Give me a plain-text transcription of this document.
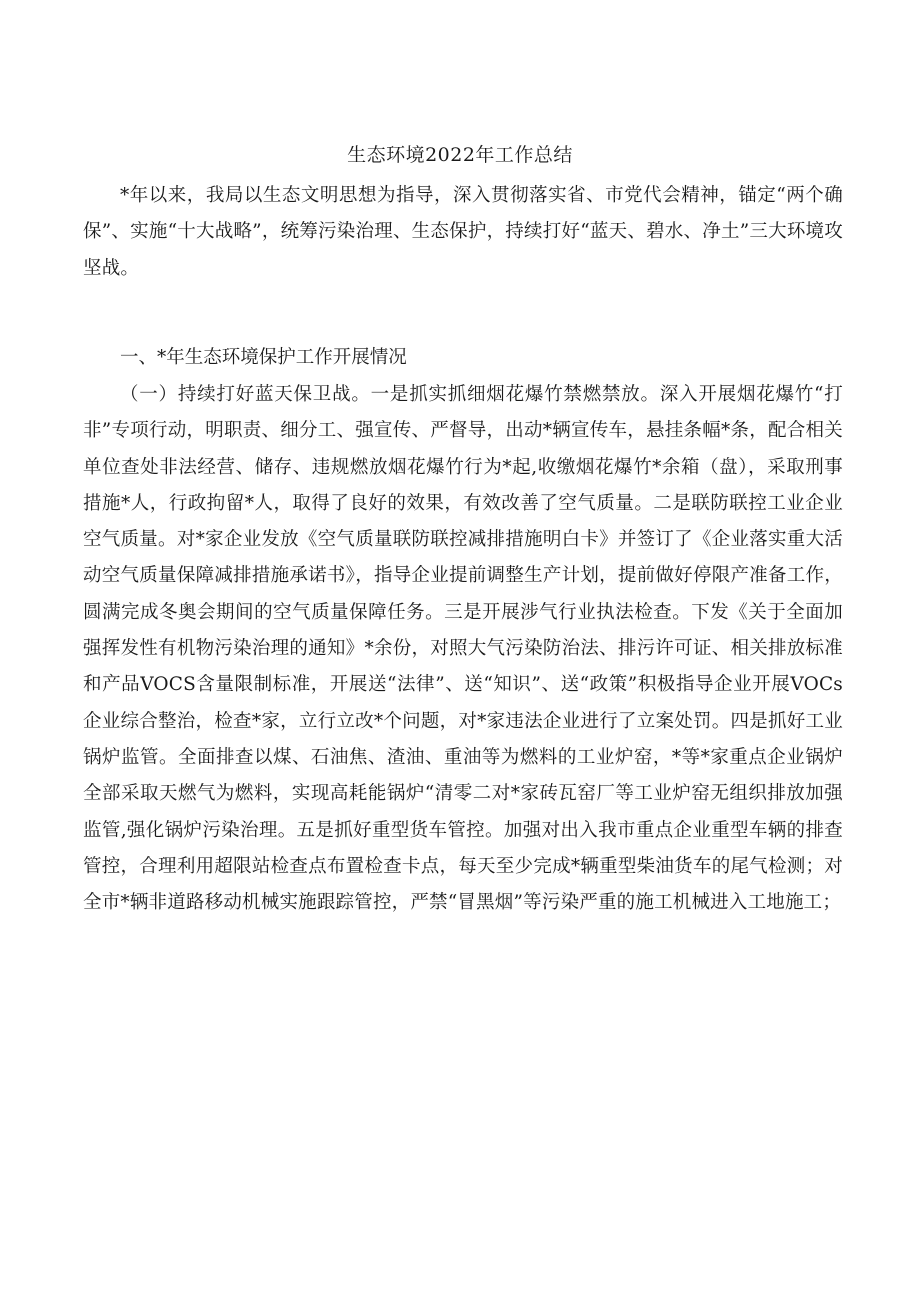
生态环境2022年工作总结

*年以来，我局以生态文明思想为指导，深入贯彻落实省、市党代会精神，锚定“两个确保”、实施“十大战略”，统筹污染治理、生态保护，持续打好“蓝天、碧水、净土”三大环境攻坚战。

一、*年生态环境保护工作开展情况

（一）持续打好蓝天保卫战。一是抓实抓细烟花爆竹禁燃禁放。深入开展烟花爆竹“打非”专项行动，明职责、细分工、强宣传、严督导，出动*辆宣传车，悬挂条幅*条，配合相关单位查处非法经营、储存、违规燃放烟花爆竹行为*起,收缴烟花爆竹*余箱（盘），采取刑事措施*人，行政拘留*人，取得了良好的效果，有效改善了空气质量。二是联防联控工业企业空气质量。对*家企业发放《空气质量联防联控减排措施明白卡》并签订了《企业落实重大活动空气质量保障减排措施承诺书》，指导企业提前调整生产计划，提前做好停限产准备工作，圆满完成冬奥会期间的空气质量保障任务。三是开展涉气行业执法检查。下发《关于全面加强挥发性有机物污染治理的通知》*余份，对照大气污染防治法、排污许可证、相关排放标准和产品VOCS含量限制标准，开展送“法律”、送“知识”、送“政策”积极指导企业开展VOCs企业综合整治，检查*家，立行立改*个问题，对*家违法企业进行了立案处罚。四是抓好工业锅炉监管。全面排查以煤、石油焦、渣油、重油等为燃料的工业炉窑，*等*家重点企业锅炉全部采取天燃气为燃料，实现高耗能锅炉“清零二对*家砖瓦窑厂等工业炉窑无组织排放加强监管,强化锅炉污染治理。五是抓好重型货车管控。加强对出入我市重点企业重型车辆的排查管控，合理利用超限站检查点布置检查卡点，每天至少完成*辆重型柴油货车的尾气检测；对全市*辆非道路移动机械实施跟踪管控，严禁“冒黑烟”等污染严重的施工机械进入工地施工；
